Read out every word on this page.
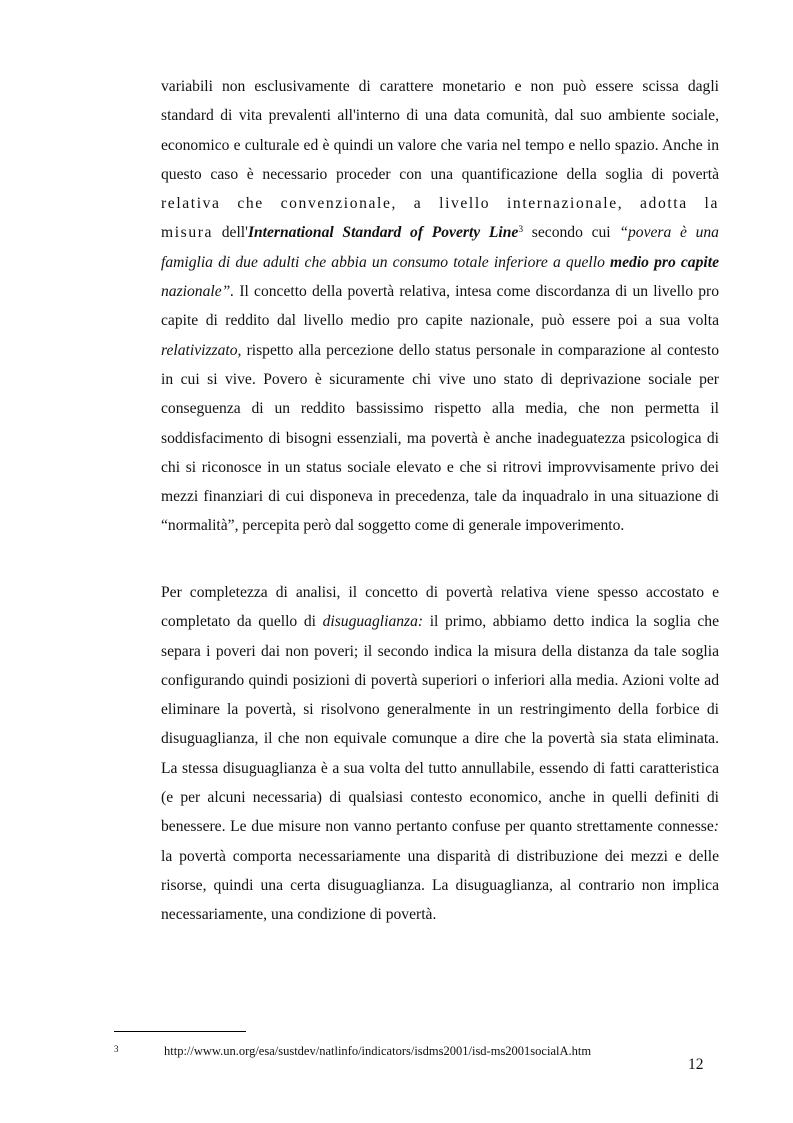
variabili non esclusivamente di carattere monetario e non può essere scissa dagli standard di vita prevalenti all'interno di una data comunità, dal suo ambiente sociale, economico e culturale ed è quindi un valore che varia nel tempo e nello spazio. Anche in questo caso è necessario proceder con una quantificazione della soglia di povertà relativa che convenzionale, a livello internazionale, adotta la misura dell'International Standard of Poverty Line$^3$ secondo cui “povera è una famiglia di due adulti che abbia un consumo totale inferiore a quello medio pro capite nazionale”. Il concetto della povertà relativa, intesa come discordanza di un livello pro capite di reddito dal livello medio pro capite nazionale, può essere poi a sua volta relativizzato, rispetto alla percezione dello status personale in comparazione al contesto in cui si vive. Povero è sicuramente chi vive uno stato di deprivazione sociale per conseguenza di un reddito bassissimo rispetto alla media, che non permetta il soddisfacimento di bisogni essenziali, ma povertà è anche inadeguatezza psicologica di chi si riconosce in un status sociale elevato e che si ritrovi improvvisamente privo dei mezzi finanziari di cui disponeva in precedenza, tale da inquadralo in una situazione di “normalità”, percepita però dal soggetto come di generale impoverimento.

Per completezza di analisi, il concetto di povertà relativa viene spesso accostato e completato da quello di disuguaglianza: il primo, abbiamo detto indica la soglia che separa i poveri dai non poveri; il secondo indica la misura della distanza da tale soglia configurando quindi posizioni di povertà superiori o inferiori alla media. Azioni volte ad eliminare la povertà, si risolvono generalmente in un restringimento della forbice di disuguaglianza, il che non equivale comunque a dire che la povertà sia stata eliminata. La stessa disuguaglianza è a sua volta del tutto annullabile, essendo di fatti caratteristica (e per alcuni necessaria) di qualsiasi contesto economico, anche in quelli definiti di benessere. Le due misure non vanno pertanto confuse per quanto strettamente connesse: la povertà comporta necessariamente una disparità di distribuzione dei mezzi e delle risorse, quindi una certa disuguaglianza. La disuguaglianza, al contrario non implica necessariamente, una condizione di povertà.

3	http://www.un.org/esa/sustdev/natlinfo/indicators/isdms2001/isd-ms2001socialA.htm
12
